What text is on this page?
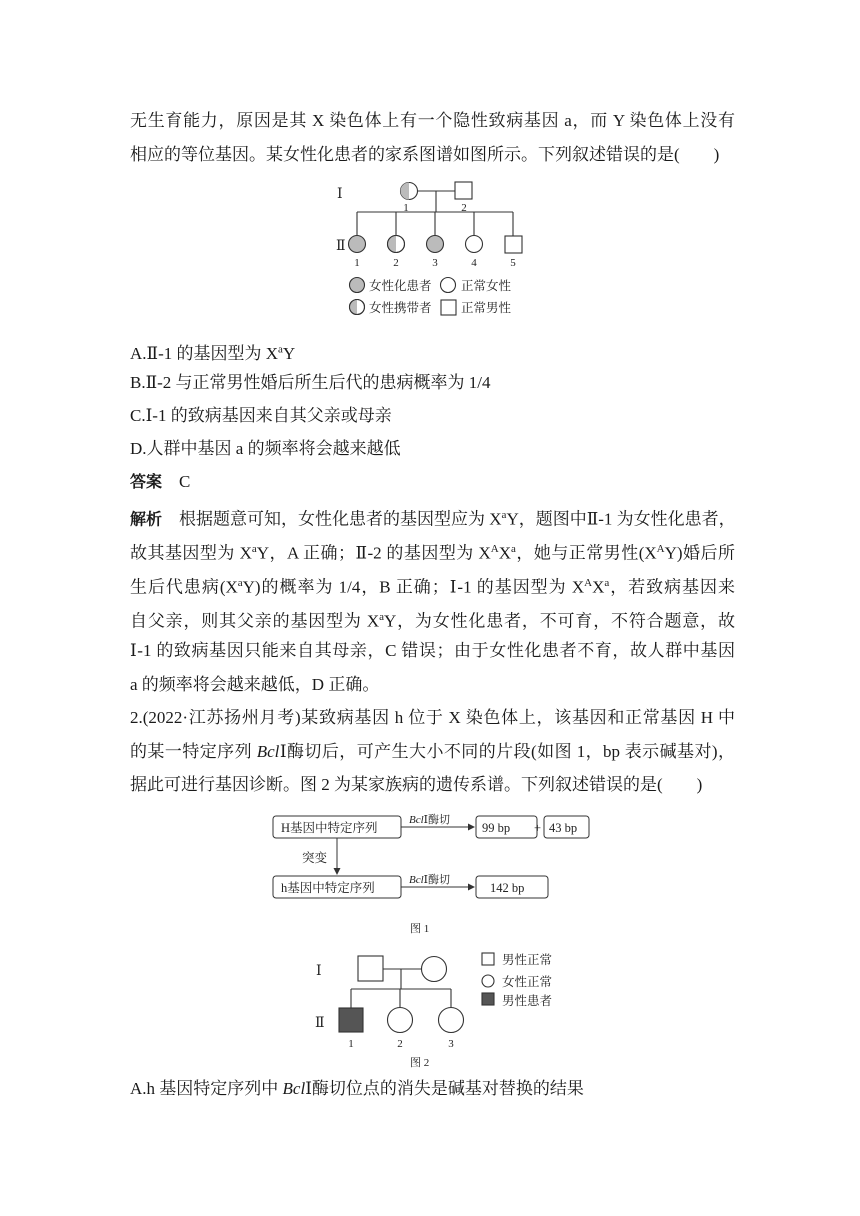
无生育能力，原因是其 X 染色体上有一个隐性致病基因 a，而 Y 染色体上没有
相应的等位基因。某女性化患者的家系图谱如图所示。下列叙述错误的是(　　)
Ⅰ
Ⅱ
1	2
1	2	3	4	5
女性化患者 正常女性
女性携带者 正常男性
A.Ⅱ-1 的基因型为 $X^aY$
B.Ⅱ-2 与正常男性婚后所生后代的患病概率为 1/4
C.Ⅰ-1 的致病基因来自其父亲或母亲
D.人群中基因 a 的频率将会越来越低
答案 C
解析    根据题意可知，女性化患者的基因型应为 $X^aY$，题图中Ⅱ-1 为女性化患者，
故其基因型为 $X^aY$，A 正确；Ⅱ-2 的基因型为 $X^AX^a$，她与正常男性$(X^AY)$婚后所
生后代患病$(X^aY)$的概率为 1/4，B 正确；Ⅰ-1 的基因型为 $X^AX^a$，若致病基因来
自父亲，则其父亲的基因型为 $X^aY$，为女性化患者，不可育，不符合题意，故
Ⅰ-1 的致病基因只能来自其母亲，C 错误；由于女性化患者不育，故人群中基因
a 的频率将会越来越低，D 正确。
2.(2022·江苏扬州月考)某致病基因 h 位于 X 染色体上，该基因和正常基因 H 中
的某一特定序列 BclⅠ酶切后，可产生大小不同的片段(如图 1，bp 表示碱基对)，
据此可进行基因诊断。图 2 为某家族病的遗传系谱。下列叙述错误的是(　　)
H基因中特定序列
h基因中特定序列
99 bp + 43 bp
142 bp
突变
BclⅠ酶切
BclⅠ酶切
图 1
Ⅰ
Ⅱ
1	2	3
男性正常
女性正常
男性患者
图 2
A.h 基因特定序列中 BclⅠ酶切位点的消失是碱基对替换的结果
